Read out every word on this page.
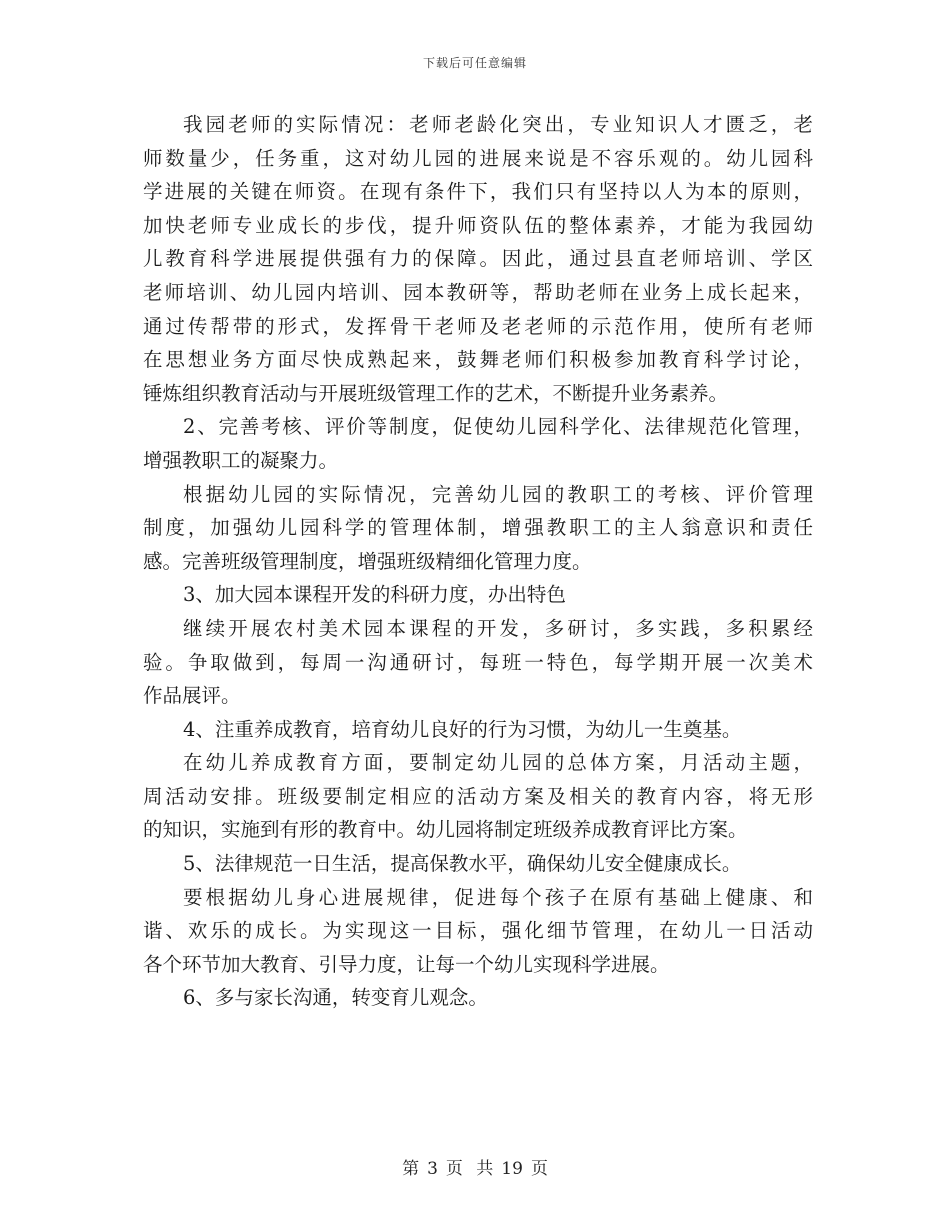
下载后可任意编辑
我园老师的实际情况：老师老龄化突出，专业知识人才匮乏，老
师数量少，任务重，这对幼儿园的进展来说是不容乐观的。幼儿园科
学进展的关键在师资。在现有条件下，我们只有坚持以人为本的原则，
加快老师专业成长的步伐，提升师资队伍的整体素养，才能为我园幼
儿教育科学进展提供强有力的保障。因此，通过县直老师培训、学区
老师培训、幼儿园内培训、园本教研等，帮助老师在业务上成长起来，
通过传帮带的形式，发挥骨干老师及老老师的示范作用，使所有老师
在思想业务方面尽快成熟起来，鼓舞老师们积极参加教育科学讨论，
锤炼组织教育活动与开展班级管理工作的艺术，不断提升业务素养。
2、完善考核、评价等制度，促使幼儿园科学化、法律规范化管理，
增强教职工的凝聚力。
根据幼儿园的实际情况，完善幼儿园的教职工的考核、评价管理
制度，加强幼儿园科学的管理体制，增强教职工的主人翁意识和责任
感。完善班级管理制度，增强班级精细化管理力度。
3、加大园本课程开发的科研力度，办出特色
继续开展农村美术园本课程的开发，多研讨，多实践，多积累经
验。争取做到，每周一沟通研讨，每班一特色，每学期开展一次美术
作品展评。
4、注重养成教育，培育幼儿良好的行为习惯，为幼儿一生奠基。
在幼儿养成教育方面，要制定幼儿园的总体方案，月活动主题，
周活动安排。班级要制定相应的活动方案及相关的教育内容，将无形
的知识，实施到有形的教育中。幼儿园将制定班级养成教育评比方案。
5、法律规范一日生活，提高保教水平，确保幼儿安全健康成长。
要根据幼儿身心进展规律，促进每个孩子在原有基础上健康、和
谐、欢乐的成长。为实现这一目标，强化细节管理，在幼儿一日活动
各个环节加大教育、引导力度，让每一个幼儿实现科学进展。
6、多与家长沟通，转变育儿观念。
第 3 页 共 19 页
